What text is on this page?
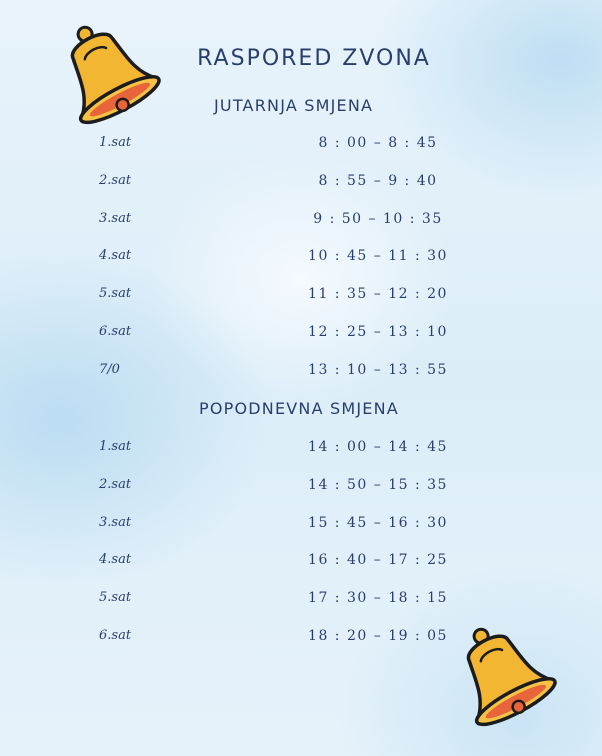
RASPORED ZVONA
JUTARNJA SMJENA
1.sat	8 : 00 – 8 : 45
2.sat	8 : 55 – 9 : 40
3.sat	9 : 50 – 10 : 35
4.sat	10 : 45 – 11 : 30
5.sat	11 : 35 – 12 : 20
6.sat	12 : 25 – 13 : 10
7/0	13 : 10 – 13 : 55
POPODNEVNA SMJENA
1.sat	14 : 00 – 14 : 45
2.sat	14 : 50 – 15 : 35
3.sat	15 : 45 – 16 : 30
4.sat	16 : 40 – 17 : 25
5.sat	17 : 30 – 18 : 15
6.sat	18 : 20 – 19 : 05
